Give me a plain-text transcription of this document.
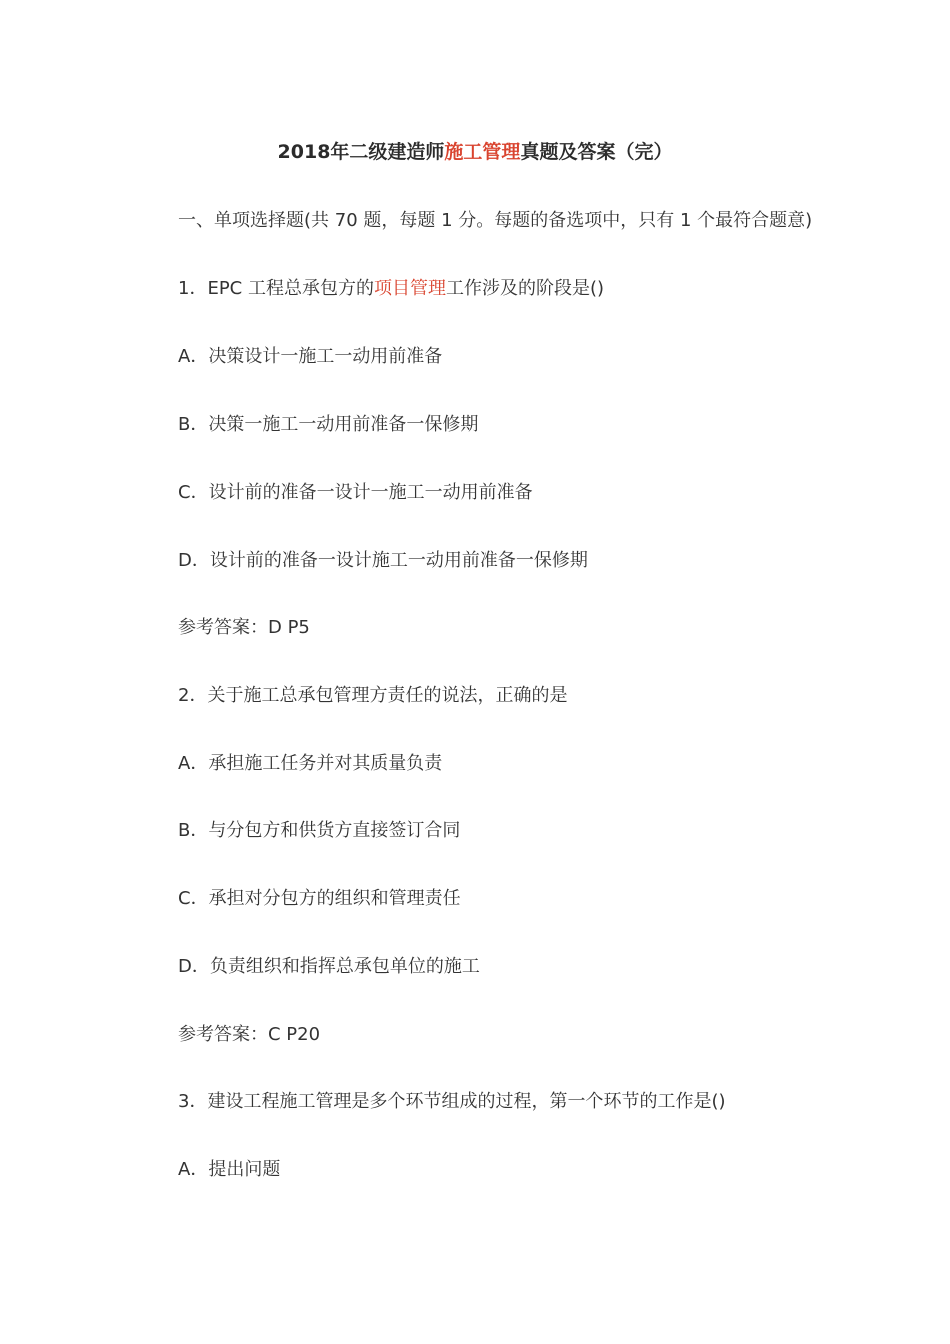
2018年二级建造师施工管理真题及答案（完）
一、单项选择题(共 70 题，每题 1 分。每题的备选项中，只有 1 个最符合题意)
1．EPC 工程总承包方的项目管理工作涉及的阶段是()
A．决策设计一施工一动用前准备
B．决策一施工一动用前准备一保修期
C．设计前的准备一设计一施工一动用前准备
D．设计前的准备一设计施工一动用前准备一保修期
参考答案：D P5
2．关于施工总承包管理方责任的说法，正确的是
A．承担施工任务并对其质量负责
B．与分包方和供货方直接签订合同
C．承担对分包方的组织和管理责任
D．负责组织和指挥总承包单位的施工
参考答案：C P20
3．建设工程施工管理是多个环节组成的过程，第一个环节的工作是()
A．提出问题
